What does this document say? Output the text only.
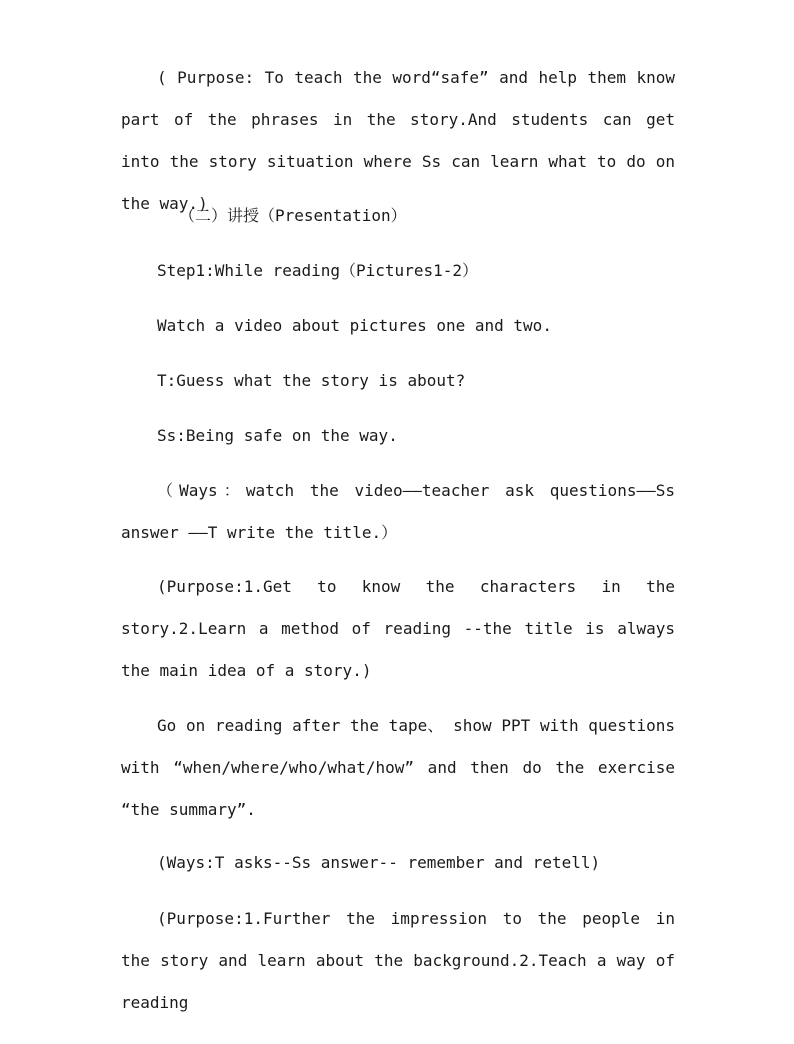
( Purpose: To teach the word“safe” and help them know part of the phrases in the story.And students can get into the story situation where Ss can learn what to do on the way.)

（二）讲授（Presentation）

Step1:While reading（Pictures1-2）

Watch a video about pictures one and two.

T:Guess what the story is about?

Ss:Being safe on the way.

（Ways：watch the video——teacher ask questions——Ss answer ——T write the title.）

(Purpose:1.Get to know the characters in the story.2.Learn a method of reading --the title is always the main idea of a story.)

Go on reading after the tape、 show PPT with questions with “when/where/who/what/how” and then do the exercise “the summary”.

(Ways:T asks--Ss answer-- remember and retell)

(Purpose:1.Further the impression to the people in the story and learn about the background.2.Teach a way of reading
